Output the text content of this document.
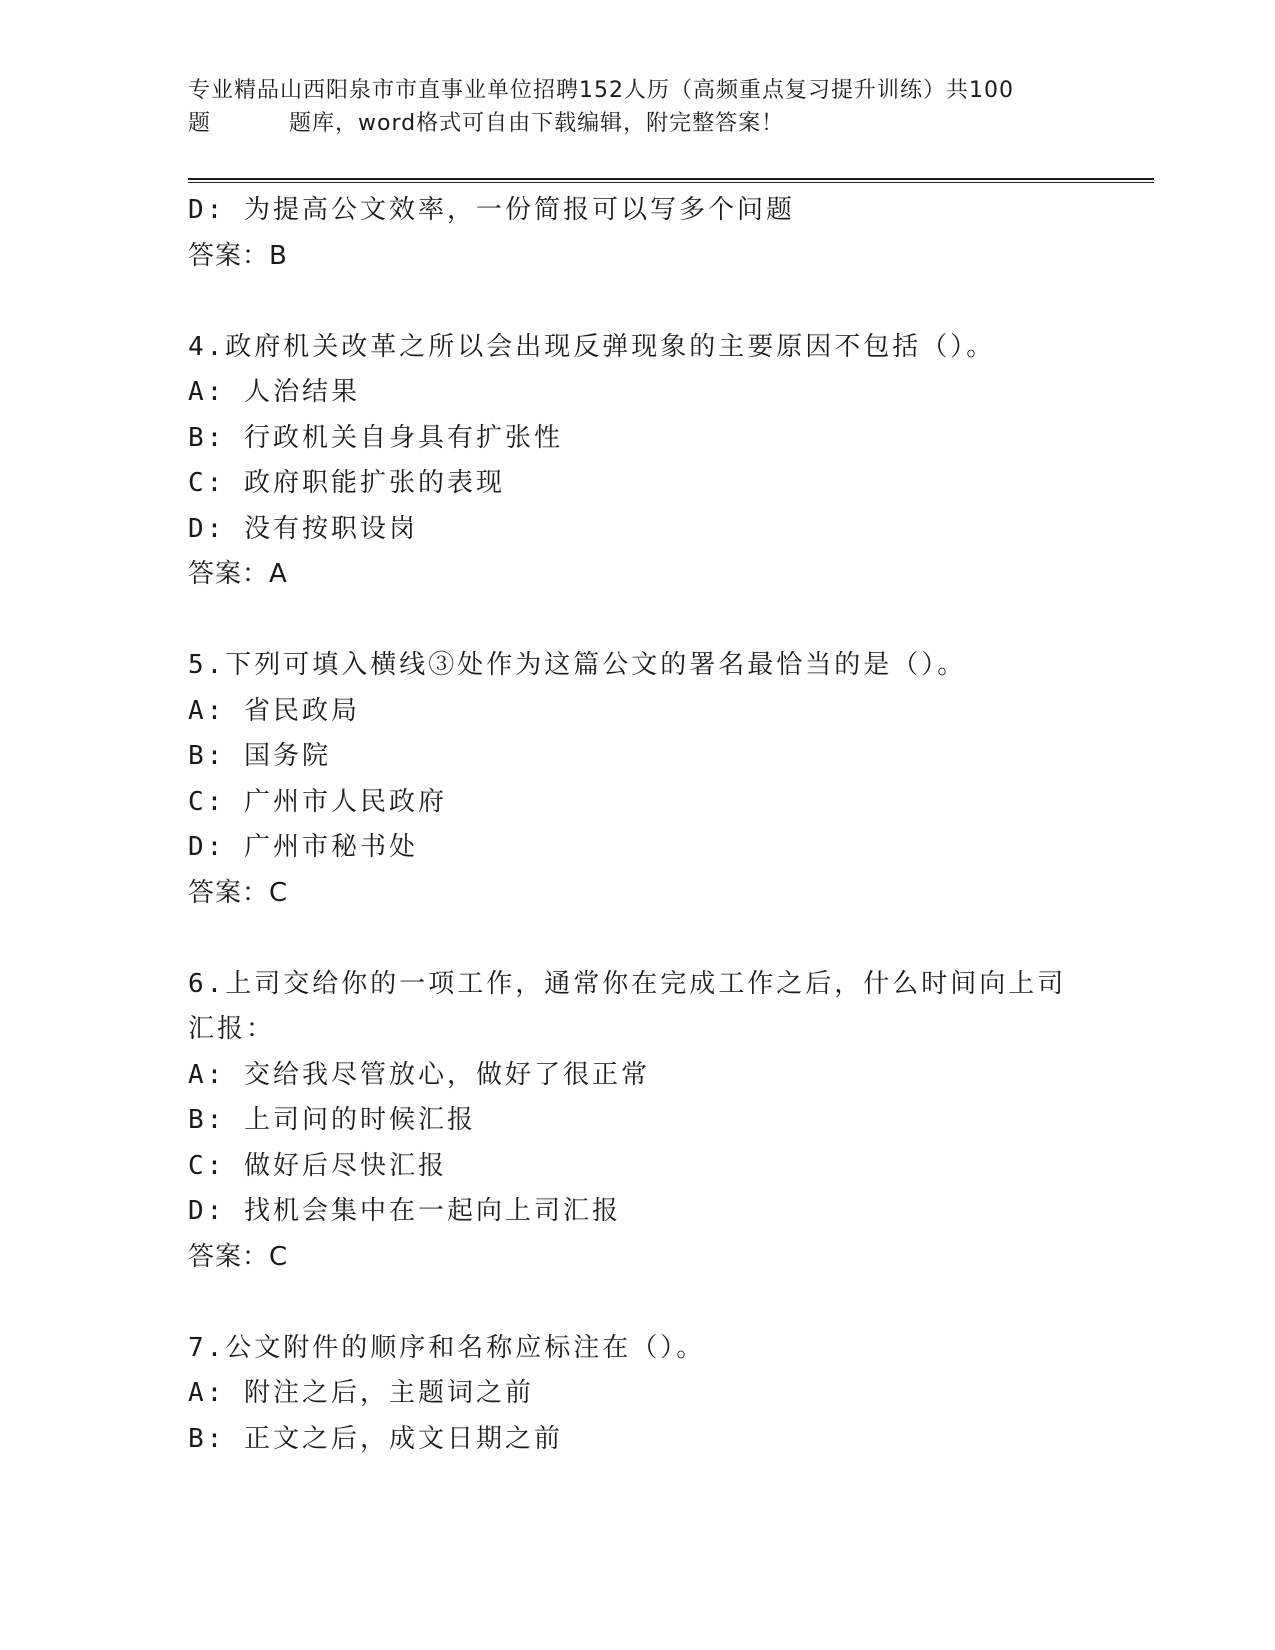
专业精品山西阳泉市市直事业单位招聘152人历（高频重点复习提升训练）共100
题	题库，word格式可自由下载编辑，附完整答案！
D: 为提高公文效率，一份简报可以写多个问题
答案：B
4.政府机关改革之所以会出现反弹现象的主要原因不包括（）。
A: 人治结果
B: 行政机关自身具有扩张性
C: 政府职能扩张的表现
D: 没有按职设岗
答案：A
5.下列可填入横线③处作为这篇公文的署名最恰当的是（）。
A: 省民政局
B: 国务院
C: 广州市人民政府
D: 广州市秘书处
答案：C
6.上司交给你的一项工作，通常你在完成工作之后，什么时间向上司
汇报：
A: 交给我尽管放心，做好了很正常
B: 上司问的时候汇报
C: 做好后尽快汇报
D: 找机会集中在一起向上司汇报
答案：C
7.公文附件的顺序和名称应标注在（）。
A: 附注之后，主题词之前
B: 正文之后，成文日期之前
